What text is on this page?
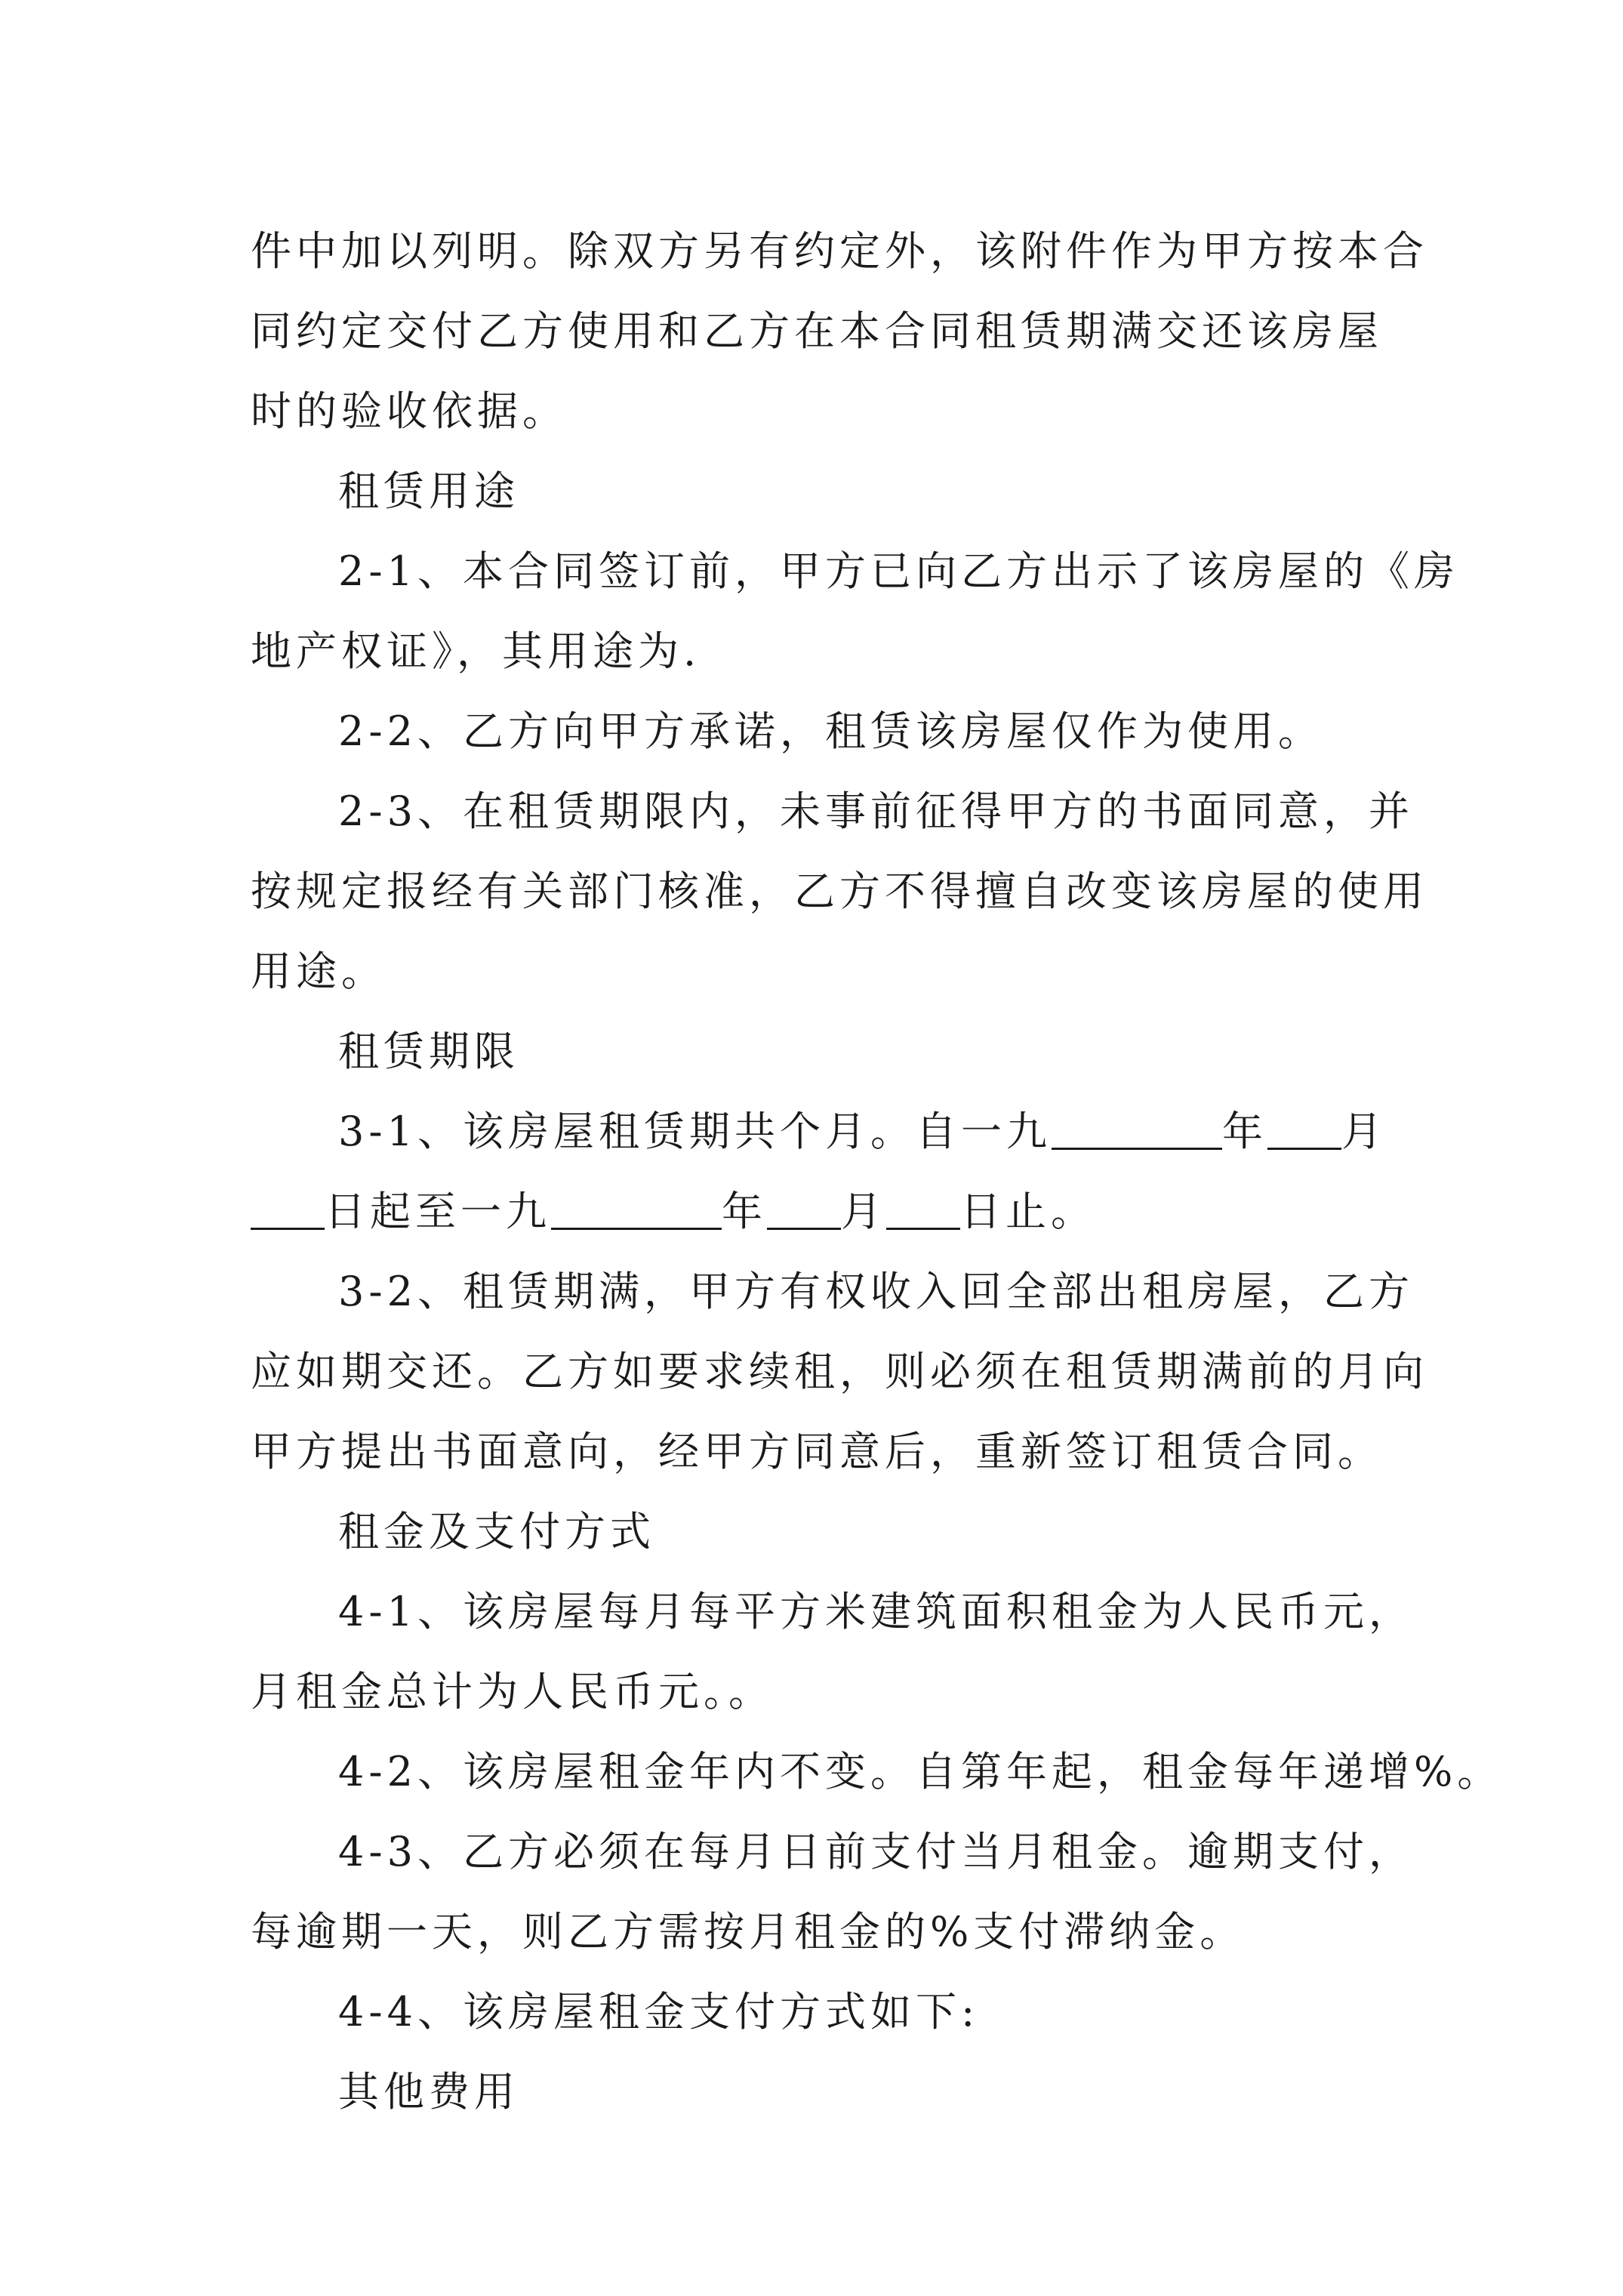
件中加以列明。除双方另有约定外，该附件作为甲方按本合
同约定交付乙方使用和乙方在本合同租赁期满交还该房屋
时的验收依据。
租赁用途
2-1、本合同签订前，甲方已向乙方出示了该房屋的《房
地产权证》，其用途为.
2-2、乙方向甲方承诺，租赁该房屋仅作为使用。
2-3、在租赁期限内，未事前征得甲方的书面同意，并
按规定报经有关部门核准，乙方不得擅自改变该房屋的使用
用途。
租赁期限
3-1、该房屋租赁期共个月。自一九	年 月
日起至一九	年 月 日止。
3-2、租赁期满，甲方有权收入回全部出租房屋，乙方
应如期交还。乙方如要求续租，则必须在租赁期满前的月向
甲方提出书面意向，经甲方同意后，重新签订租赁合同。
租金及支付方式
4-1、该房屋每月每平方米建筑面积租金为人民币元，
月租金总计为人民币元。。
4-2、该房屋租金年内不变。自第年起，租金每年递增%。
4-3、乙方必须在每月日前支付当月租金。逾期支付，
每逾期一天，则乙方需按月租金的%支付滞纳金。
4-4、该房屋租金支付方式如下:
其他费用
